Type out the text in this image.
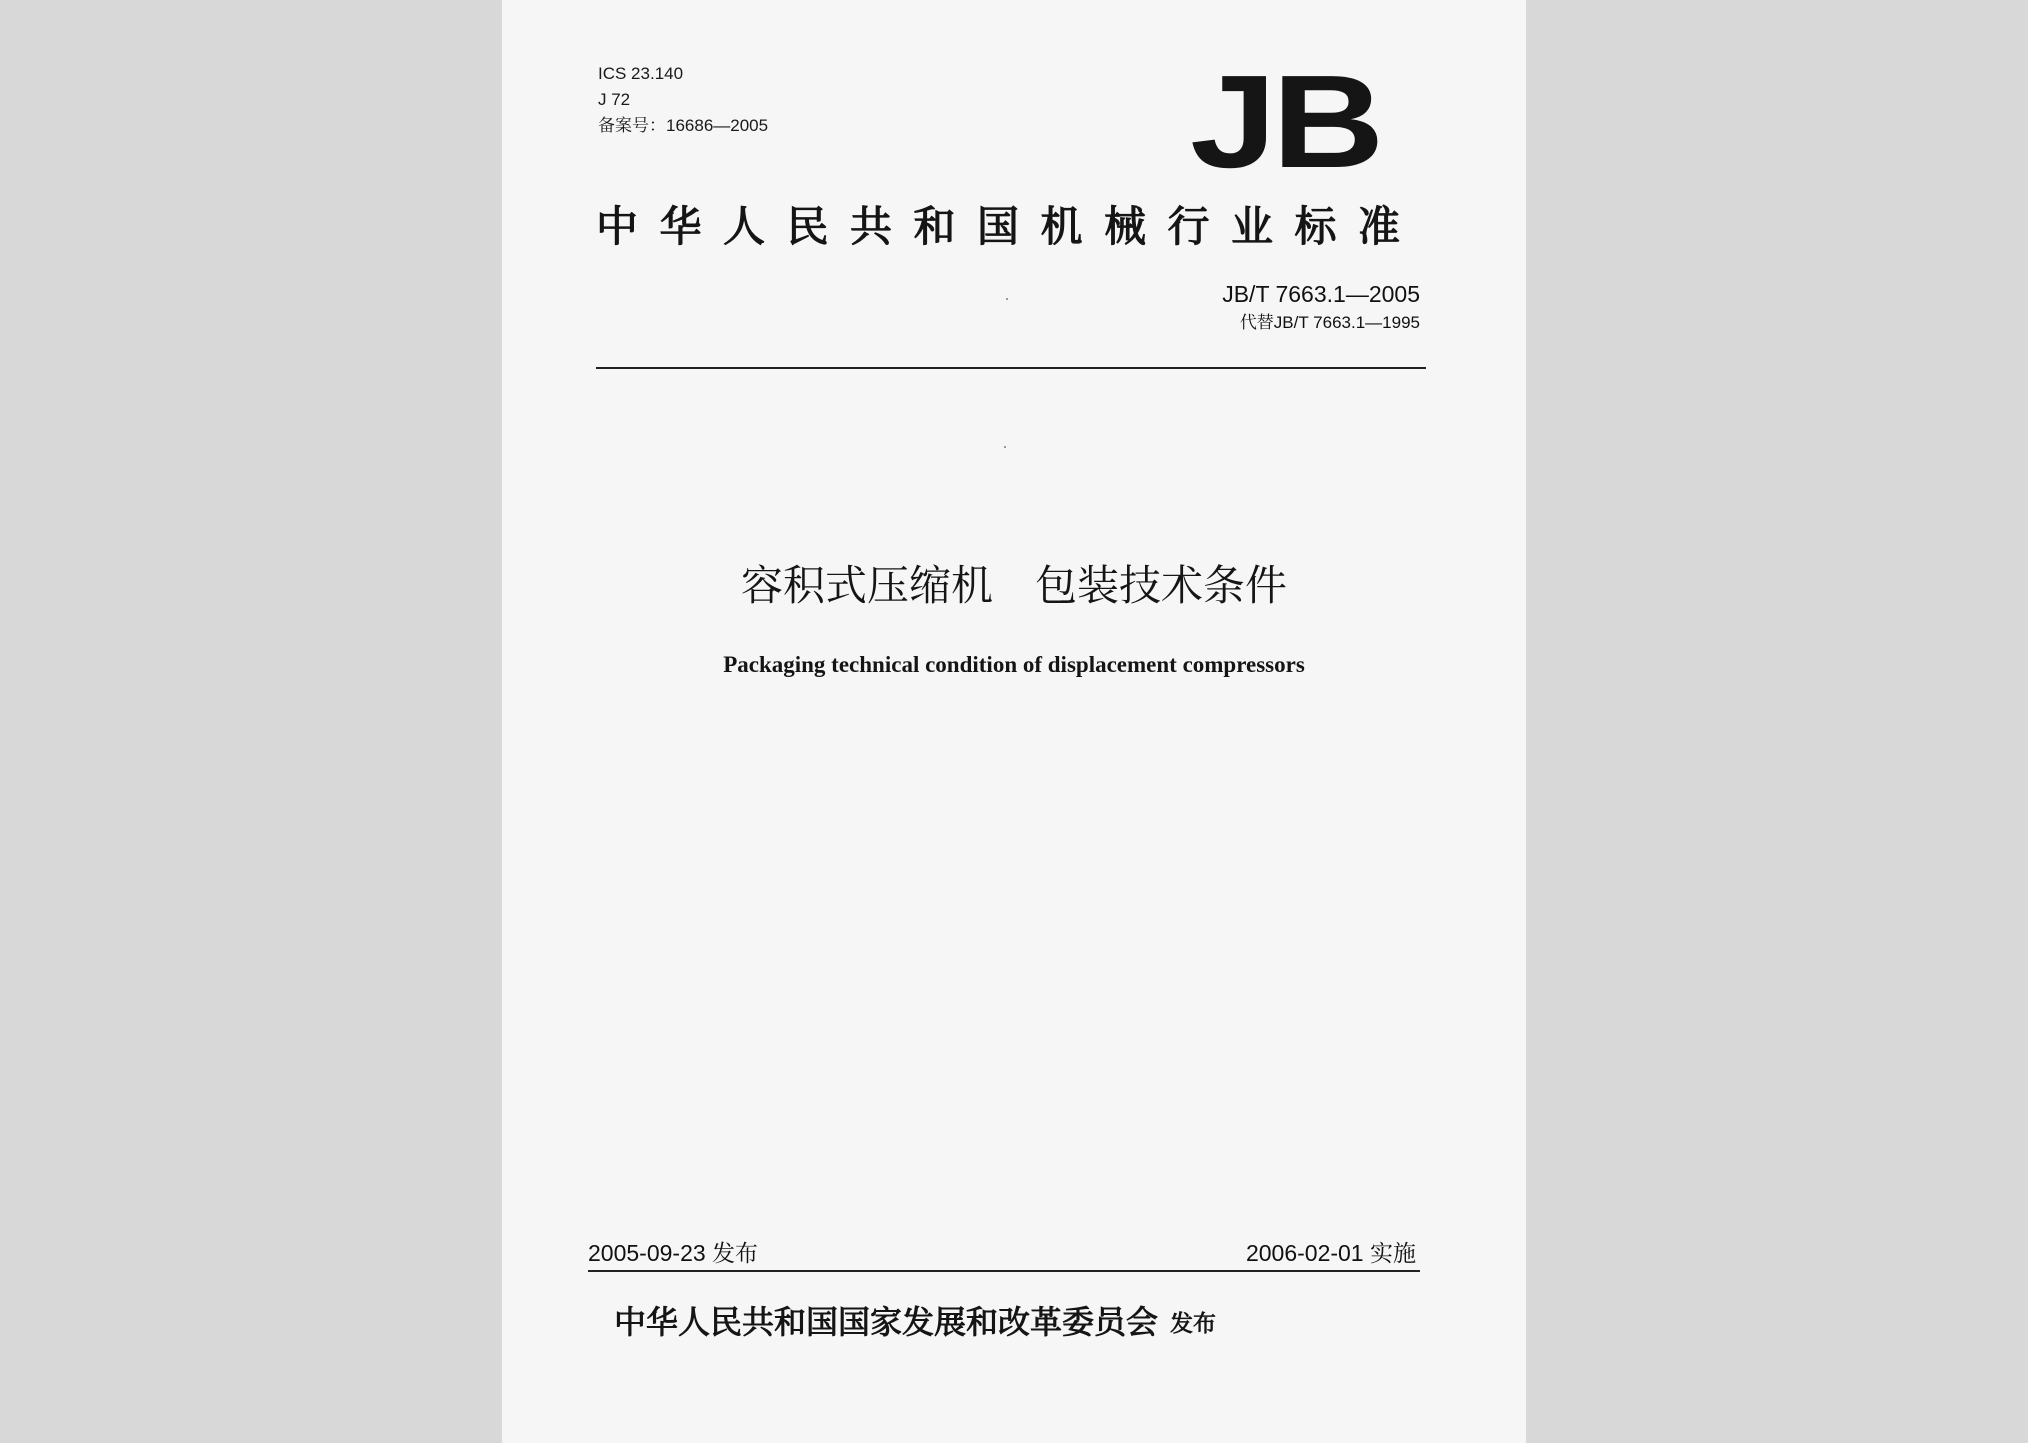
ICS 23.140
J 72
备案号：16686—2005	JB
中华人民共和国机械行业标准
JB/T 7663.1—2005
代替JB/T 7663.1—1995
容积式压缩机　包装技术条件
Packaging technical condition of displacement compressors
2005-09-23 发布	2006-02-01 实施
中华人民共和国国家发展和改革委员会 发布
